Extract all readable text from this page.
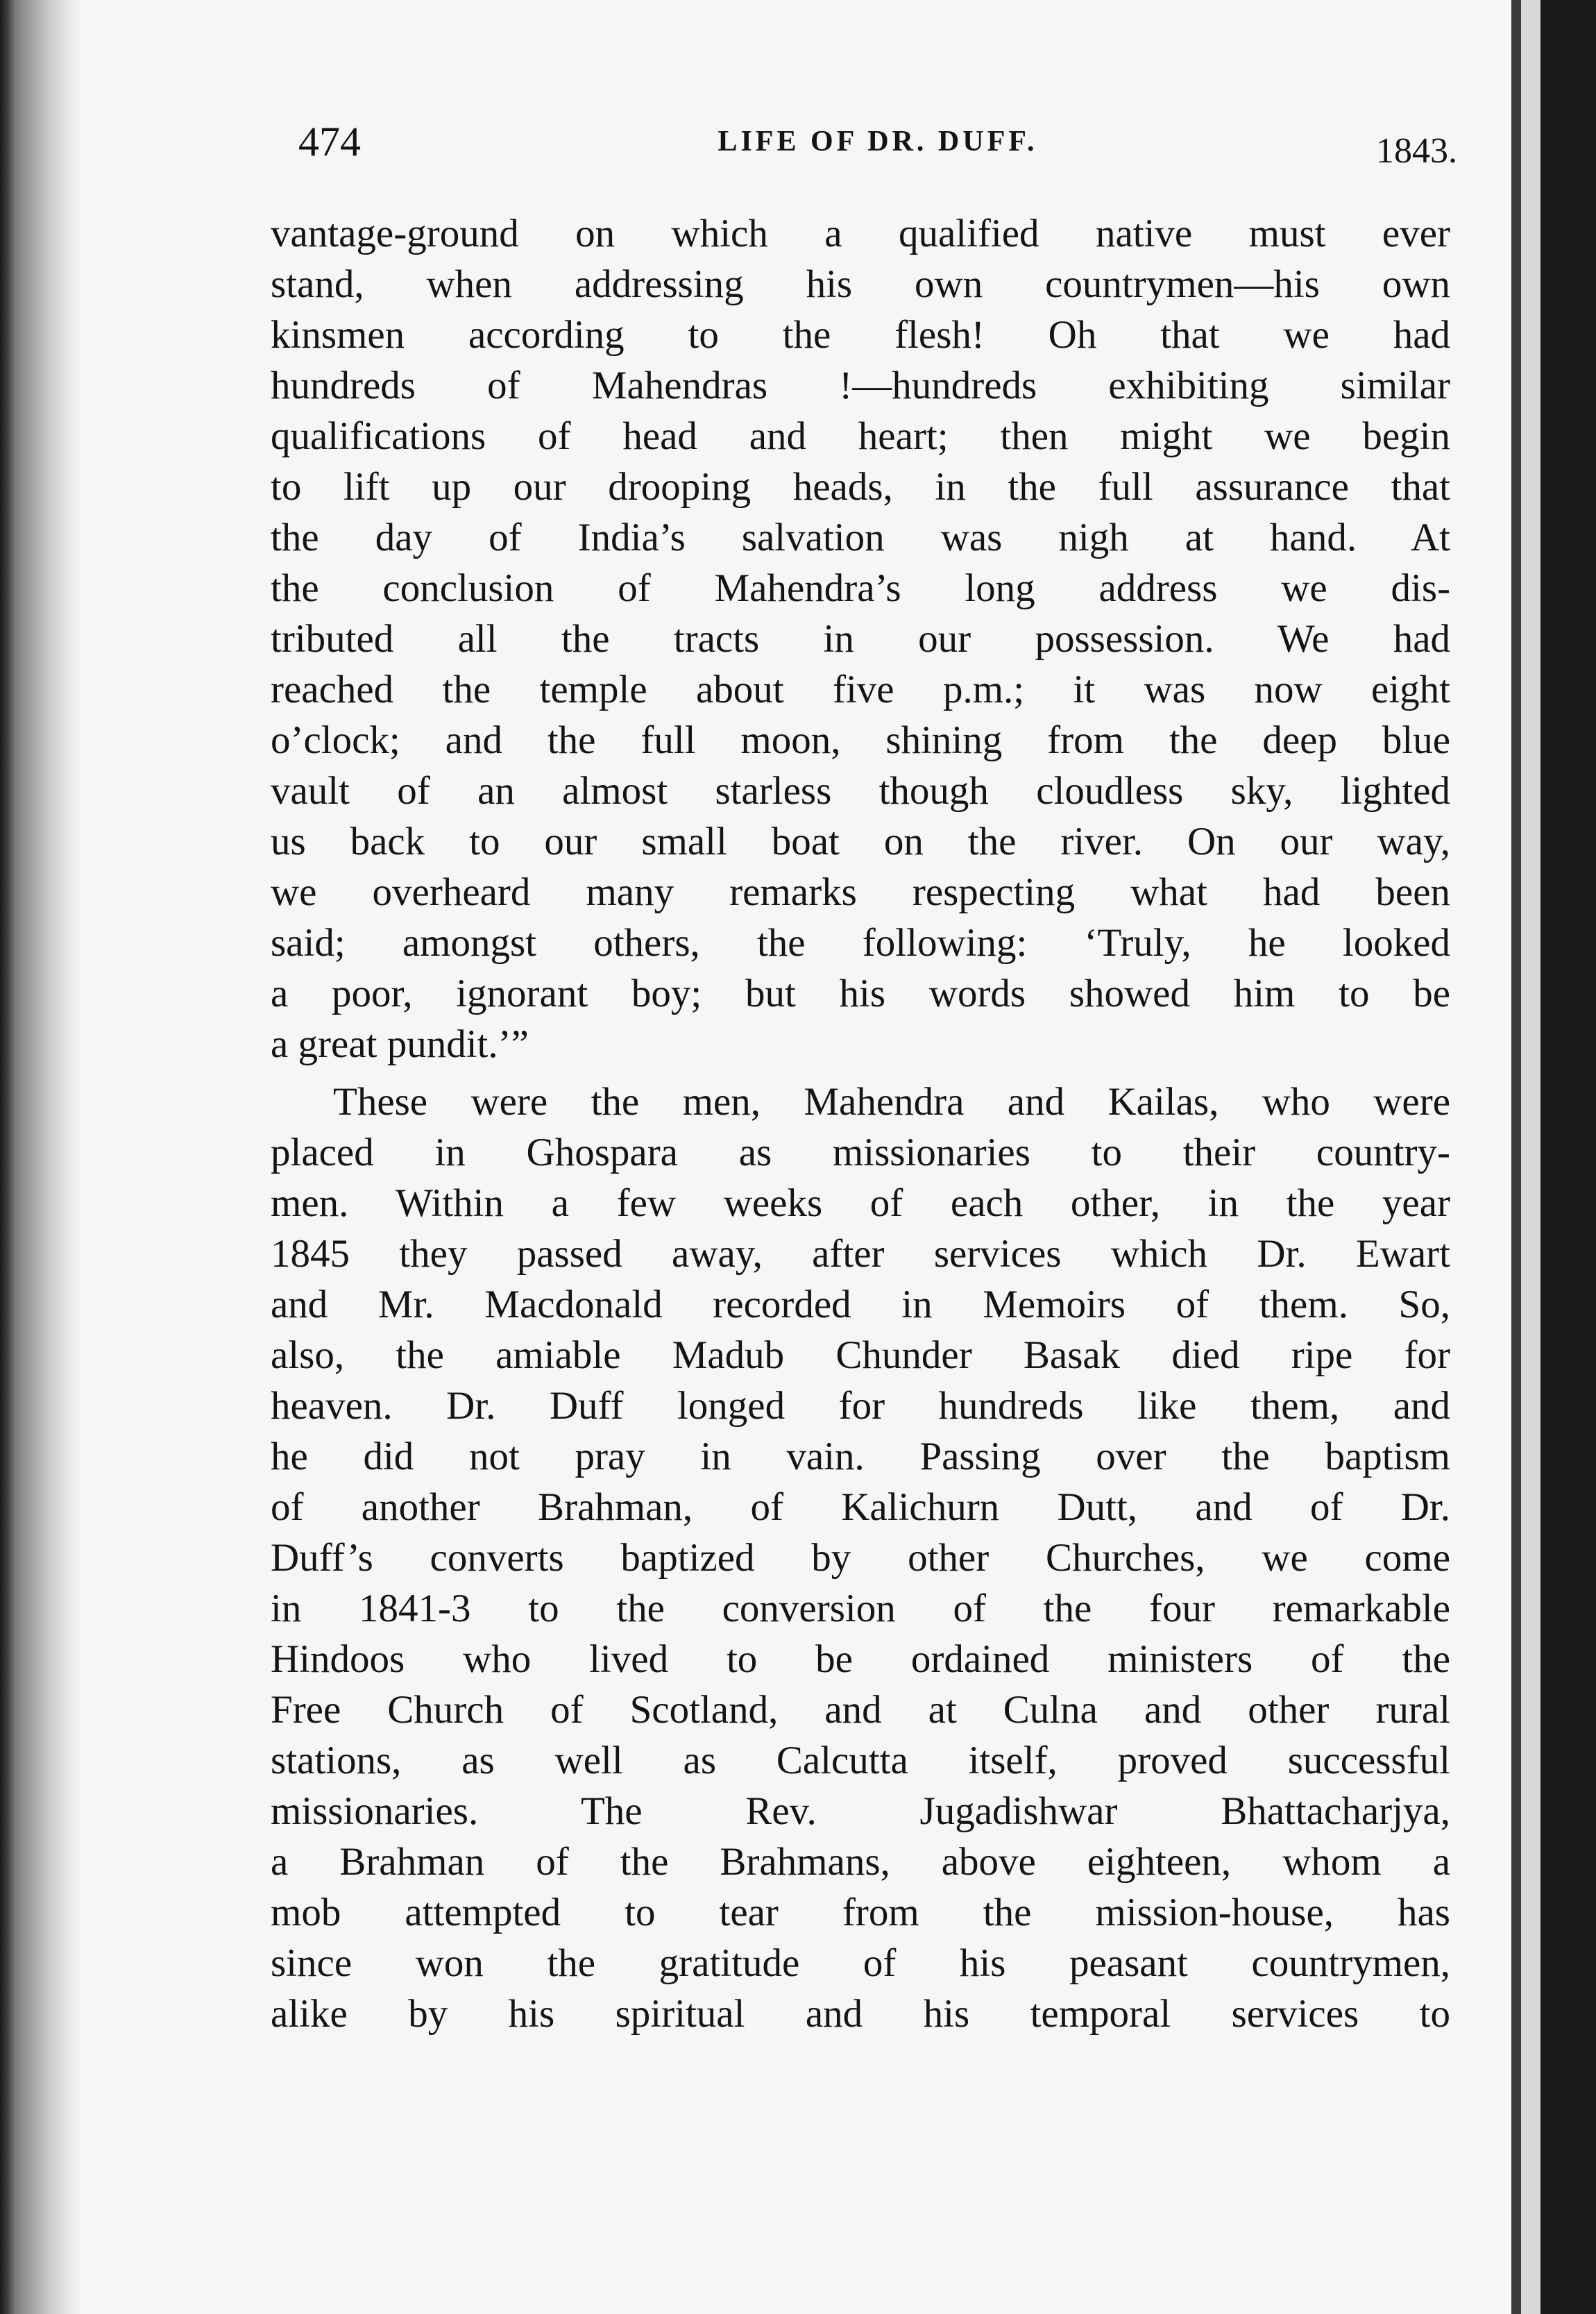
474	LIFE OF DR. DUFF.	1843.
vantage-ground on which a qualified native must ever
stand, when addressing his own countrymen—his own
kinsmen according to the flesh! Oh that we had
hundreds of Mahendras !—hundreds exhibiting similar
qualifications of head and heart; then might we begin
to lift up our drooping heads, in the full assurance that
the day of India’s salvation was nigh at hand. At
the conclusion of Mahendra’s long address we dis-
tributed all the tracts in our possession. We had
reached the temple about five p.m.; it was now eight
o’clock; and the full moon, shining from the deep blue
vault of an almost starless though cloudless sky, lighted
us back to our small boat on the river. On our way,
we overheard many remarks respecting what had been
said; amongst others, the following: ‘Truly, he looked
a poor, ignorant boy; but his words showed him to be
a great pundit.’”
These were the men, Mahendra and Kailas, who were
placed in Ghospara as missionaries to their country-
men. Within a few weeks of each other, in the year
1845 they passed away, after services which Dr. Ewart
and Mr. Macdonald recorded in Memoirs of them. So,
also, the amiable Madub Chunder Basak died ripe for
heaven. Dr. Duff longed for hundreds like them, and
he did not pray in vain. Passing over the baptism
of another Brahman, of Kalichurn Dutt, and of Dr.
Duff’s converts baptized by other Churches, we come
in 1841-3 to the conversion of the four remarkable
Hindoos who lived to be ordained ministers of the
Free Church of Scotland, and at Culna and other rural
stations, as well as Calcutta itself, proved successful
missionaries. The Rev. Jugadishwar Bhattacharjya,
a Brahman of the Brahmans, above eighteen, whom a
mob attempted to tear from the mission-house, has
since won the gratitude of his peasant countrymen,
alike by his spiritual and his temporal services to
